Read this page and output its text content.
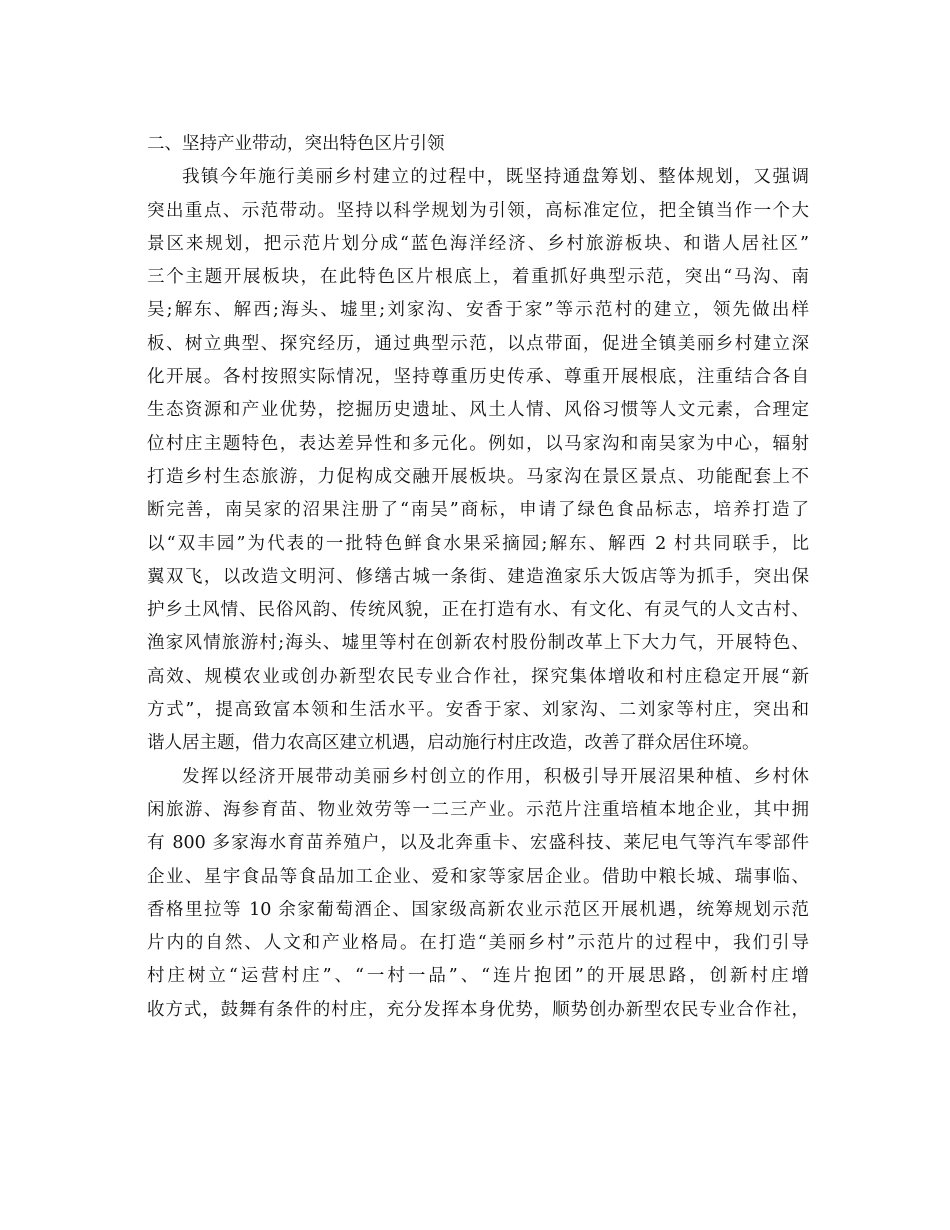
二、坚持产业带动，突出特色区片引领
我镇今年施行美丽乡村建立的过程中，既坚持通盘筹划、整体规划，又强调
突出重点、示范带动。坚持以科学规划为引领，高标准定位，把全镇当作一个大
景区来规划，把示范片划分成“蓝色海洋经济、乡村旅游板块、和谐人居社区”
三个主题开展板块，在此特色区片根底上，着重抓好典型示范，突出“马沟、南
吴;解东、解西;海头、墟里;刘家沟、安香于家”等示范村的建立，领先做出样
板、树立典型、探究经历，通过典型示范，以点带面，促进全镇美丽乡村建立深
化开展。各村按照实际情况，坚持尊重历史传承、尊重开展根底，注重结合各自
生态资源和产业优势，挖掘历史遗址、风土人情、风俗习惯等人文元素，合理定
位村庄主题特色，表达差异性和多元化。例如，以马家沟和南吴家为中心，辐射
打造乡村生态旅游，力促构成交融开展板块。马家沟在景区景点、功能配套上不
断完善，南吴家的沼果注册了“南吴”商标，申请了绿色食品标志，培养打造了
以“双丰园”为代表的一批特色鲜食水果采摘园;解东、解西 2 村共同联手，比
翼双飞，以改造文明河、修缮古城一条街、建造渔家乐大饭店等为抓手，突出保
护乡土风情、民俗风韵、传统风貌，正在打造有水、有文化、有灵气的人文古村、
渔家风情旅游村;海头、墟里等村在创新农村股份制改革上下大力气，开展特色、
高效、规模农业或创办新型农民专业合作社，探究集体增收和村庄稳定开展“新
方式”，提高致富本领和生活水平。安香于家、刘家沟、二刘家等村庄，突出和
谐人居主题，借力农高区建立机遇，启动施行村庄改造，改善了群众居住环境。
发挥以经济开展带动美丽乡村创立的作用，积极引导开展沼果种植、乡村休
闲旅游、海参育苗、物业效劳等一二三产业。示范片注重培植本地企业，其中拥
有 800 多家海水育苗养殖户，以及北奔重卡、宏盛科技、莱尼电气等汽车零部件
企业、星宇食品等食品加工企业、爱和家等家居企业。借助中粮长城、瑞事临、
香格里拉等 10 余家葡萄酒企、国家级高新农业示范区开展机遇，统筹规划示范
片内的自然、人文和产业格局。在打造“美丽乡村”示范片的过程中，我们引导
村庄树立“运营村庄”、“一村一品”、“连片抱团”的开展思路，创新村庄增
收方式，鼓舞有条件的村庄，充分发挥本身优势，顺势创办新型农民专业合作社，
